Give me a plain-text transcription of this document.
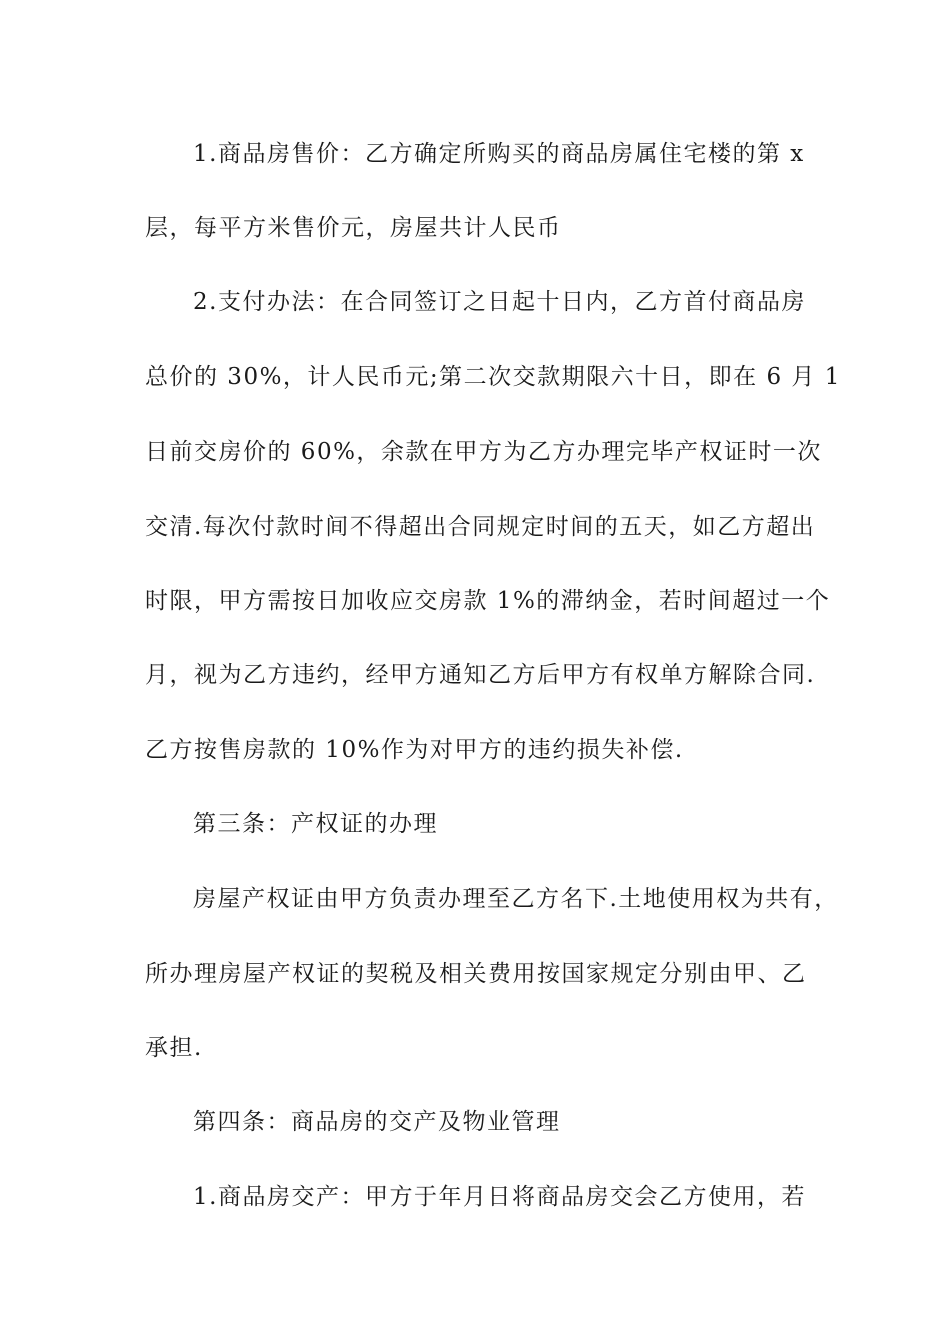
1.商品房售价：乙方确定所购买的商品房属住宅楼的第 x
层，每平方米售价元，房屋共计人民币
2.支付办法：在合同签订之日起十日内，乙方首付商品房
总价的 30%，计人民币元;第二次交款期限六十日，即在 6 月 1
日前交房价的 60%，余款在甲方为乙方办理完毕产权证时一次
交清.每次付款时间不得超出合同规定时间的五天，如乙方超出
时限，甲方需按日加收应交房款 1%的滞纳金，若时间超过一个
月，视为乙方违约，经甲方通知乙方后甲方有权单方解除合同.
乙方按售房款的 10%作为对甲方的违约损失补偿.
第三条：产权证的办理
房屋产权证由甲方负责办理至乙方名下.土地使用权为共有，
所办理房屋产权证的契税及相关费用按国家规定分别由甲、乙
承担.
第四条：商品房的交产及物业管理
1.商品房交产：甲方于年月日将商品房交会乙方使用，若
